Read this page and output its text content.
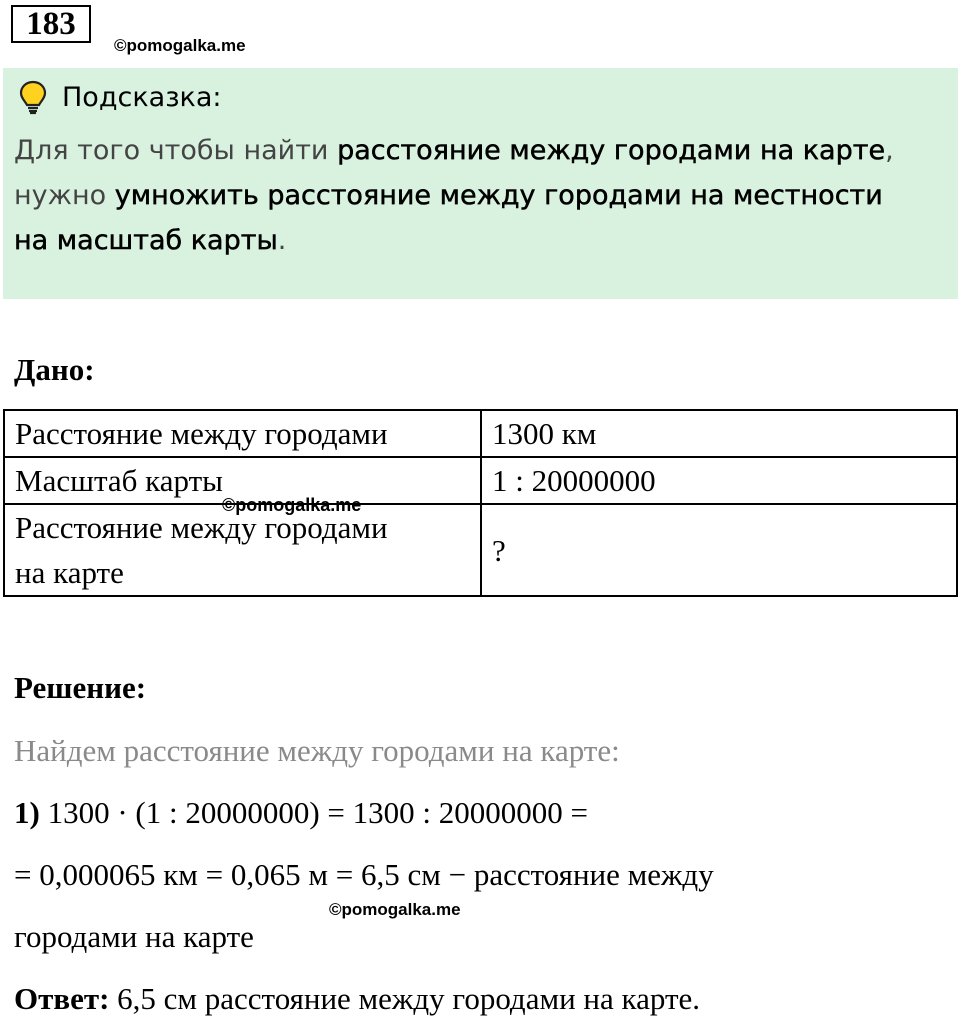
183
©pomogalka.me
Подсказка:
Для того чтобы найти расстояние между городами на карте,
нужно умножить расстояние между городами на местности
на масштаб карты.
Дано:
Расстояние между городами	1300 км
Масштаб карты	1 : 20000000
Расстояние между городами
на карте	?
©pomogalka.me
Решение:
Найдем расстояние между городами на карте:
1) 1300 · (1 : 20000000) = 1300 : 20000000 =
= 0,000065 км = 0,065 м = 6,5 см − расстояние между
©pomogalka.me
городами на карте
Ответ: 6,5 см расстояние между городами на карте.
